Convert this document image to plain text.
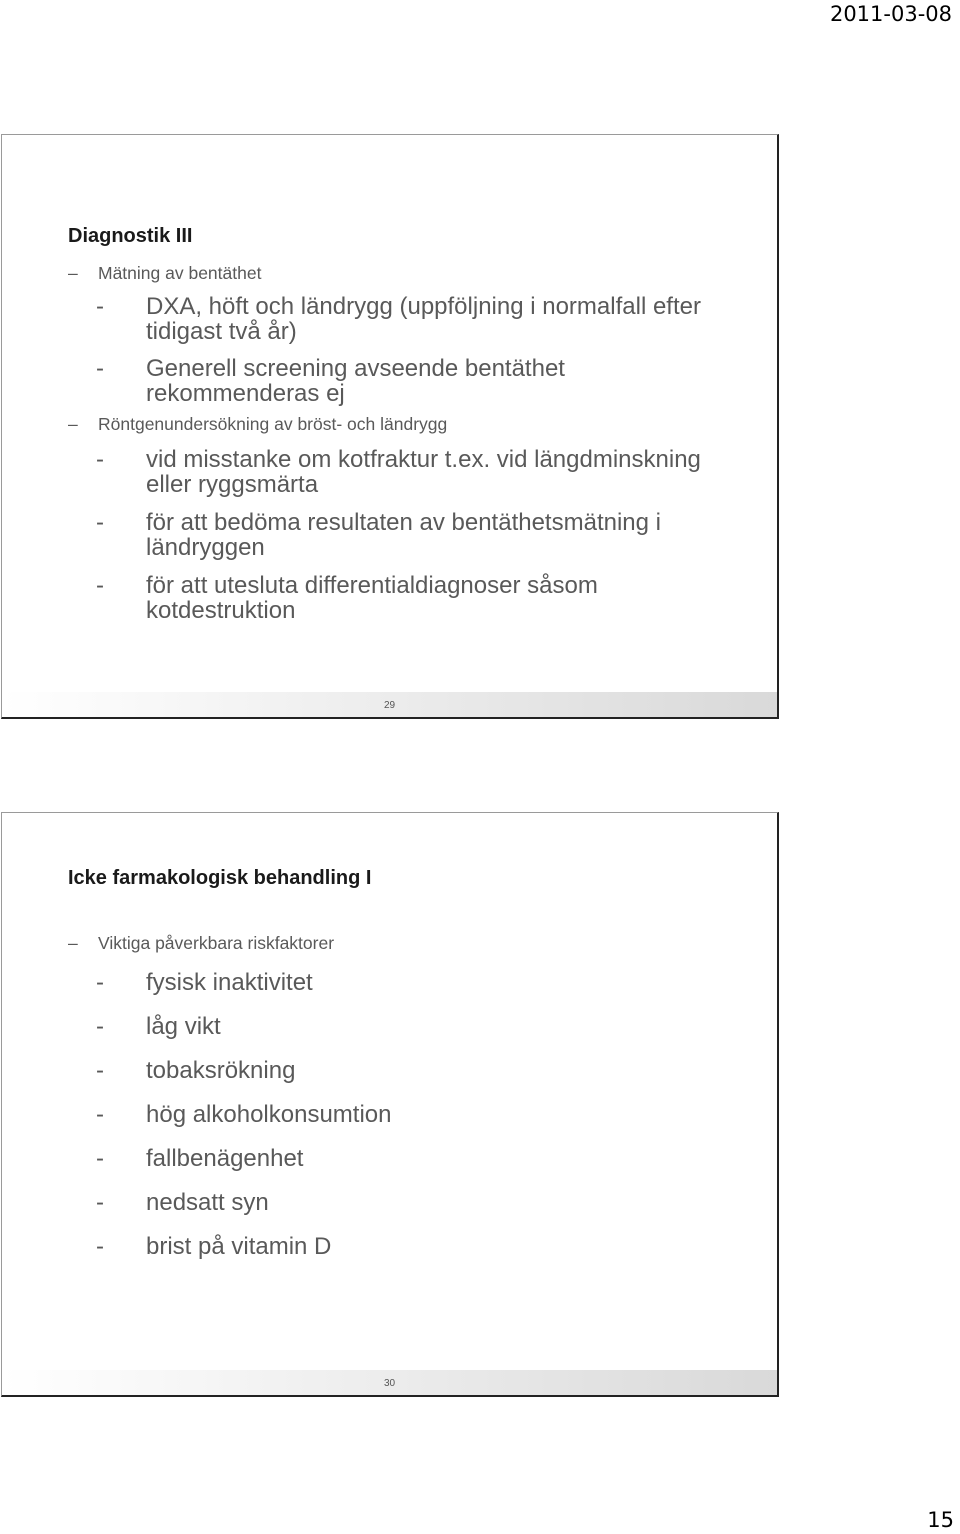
2011-03-08
Diagnostik III
– Mätning av bentäthet
- DXA, höft och ländrygg (uppföljning i normalfall efter tidigast två år)
- Generell screening avseende bentäthet rekommenderas ej
– Röntgenundersökning av bröst- och ländrygg
- vid misstanke om kotfraktur t.ex. vid längdminskning eller ryggsmärta
- för att bedöma resultaten av bentäthetsmätning i ländryggen
- för att utesluta differentialdiagnoser såsom kotdestruktion
29
Icke farmakologisk behandling I
– Viktiga påverkbara riskfaktorer
- fysisk inaktivitet
- låg vikt
- tobaksrökning
- hög alkoholkonsumtion
- fallbenägenhet
- nedsatt syn
- brist på vitamin D
30
15
